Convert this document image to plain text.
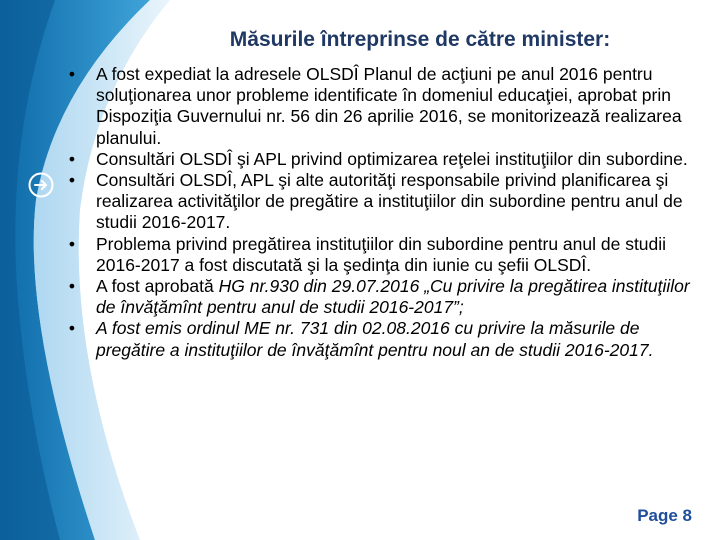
Măsurile întreprinse de către minister:

•	A fost expediat la adresele OLSDÎ Planul de acţiuni pe anul 2016 pentru soluţionarea unor probleme identificate în domeniul educaţiei, aprobat prin Dispoziţia Guvernului nr. 56 din 26 aprilie 2016, se monitorizează realizarea planului.

•	Consultări OLSDÎ şi APL privind optimizarea reţelei instituţiilor din subordine.

•	Consultări OLSDÎ, APL şi alte autorităţi responsabile privind planificarea şi realizarea activităţilor de pregătire a instituţiilor din subordine pentru anul de studii 2016-2017.

•	Problema privind pregătirea instituţiilor din subordine pentru anul de studii 2016-2017 a fost discutată şi la şedinţa din iunie cu şefii OLSDÎ.

•	A fost aprobată HG nr.930 din 29.07.2016 „Cu privire la pregătirea instituţiilor de învăţămînt pentru anul de studii 2016-2017”;

•	A fost emis ordinul ME nr. 731 din 02.08.2016 cu privire la măsurile de pregătire a instituţiilor de învăţămînt pentru noul an de studii 2016-2017.

Page 8
